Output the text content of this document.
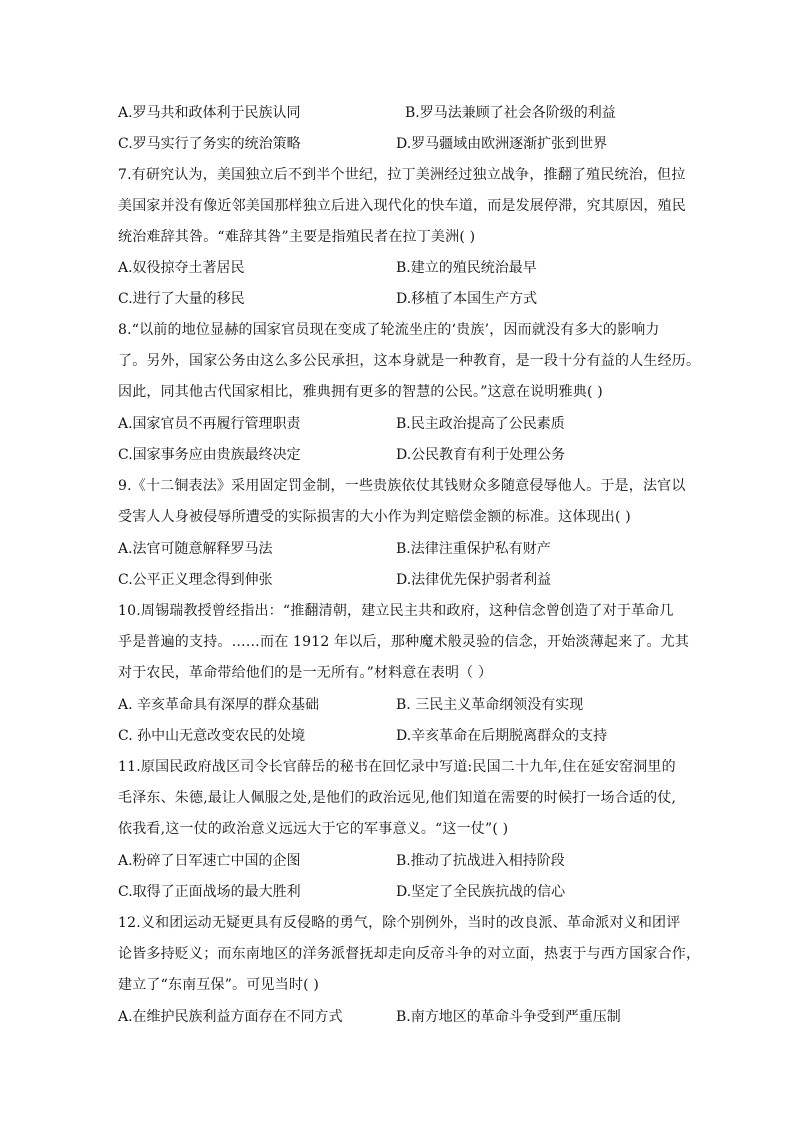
A.罗马共和政体利于民族认同	B.罗马法兼顾了社会各阶级的利益
C.罗马实行了务实的统治策略	D.罗马疆域由欧洲逐渐扩张到世界
7.有研究认为，美国独立后不到半个世纪，拉丁美洲经过独立战争，推翻了殖民统治，但拉
美国家并没有像近邻美国那样独立后进入现代化的快车道，而是发展停滞，究其原因，殖民
统治难辞其咎。“难辞其咎”主要是指殖民者在拉丁美洲( )
A.奴役掠夺土著居民	B.建立的殖民统治最早
C.进行了大量的移民	D.移植了本国生产方式
8.“以前的地位显赫的国家官员现在变成了轮流坐庄的‘贵族’，因而就没有多大的影响力
了。另外，国家公务由这么多公民承担，这本身就是一种教育，是一段十分有益的人生经历。
因此，同其他古代国家相比，雅典拥有更多的智慧的公民。”这意在说明雅典( )
A.国家官员不再履行管理职责	B.民主政治提高了公民素质
C.国家事务应由贵族最终决定	D.公民教育有利于处理公务
9.《十二铜表法》采用固定罚金制，一些贵族依仗其钱财众多随意侵辱他人。于是，法官以
受害人人身被侵辱所遭受的实际损害的大小作为判定赔偿金额的标准。这体现出( )
A.法官可随意解释罗马法	B.法律注重保护私有财产
C.公平正义理念得到伸张	D.法律优先保护弱者利益
10.周锡瑞教授曾经指出：“推翻清朝，建立民主共和政府，这种信念曾创造了对于革命几
乎是普遍的支持。……而在 1912 年以后，那种魔术般灵验的信念，开始淡薄起来了。尤其
对于农民，革命带给他们的是一无所有。”材料意在表明（ ）
A. 辛亥革命具有深厚的群众基础	B. 三民主义革命纲领没有实现
C. 孙中山无意改变农民的处境	D.辛亥革命在后期脱离群众的支持
11.原国民政府战区司令长官薛岳的秘书在回忆录中写道:民国二十九年,住在延安窑洞里的
毛泽东、朱德,最让人佩服之处,是他们的政治远见,他们知道在需要的时候打一场合适的仗,
依我看,这一仗的政治意义远远大于它的军事意义。“这一仗”( )
A.粉碎了日军速亡中国的企图	B.推动了抗战进入相持阶段
C.取得了正面战场的最大胜利	D.坚定了全民族抗战的信心
12.义和团运动无疑更具有反侵略的勇气，除个别例外，当时的改良派、革命派对义和团评
论皆多持贬义；而东南地区的洋务派督抚却走向反帝斗争的对立面，热衷于与西方国家合作，
建立了“东南互保”。可见当时( )
A.在维护民族利益方面存在不同方式	B.南方地区的革命斗争受到严重压制
